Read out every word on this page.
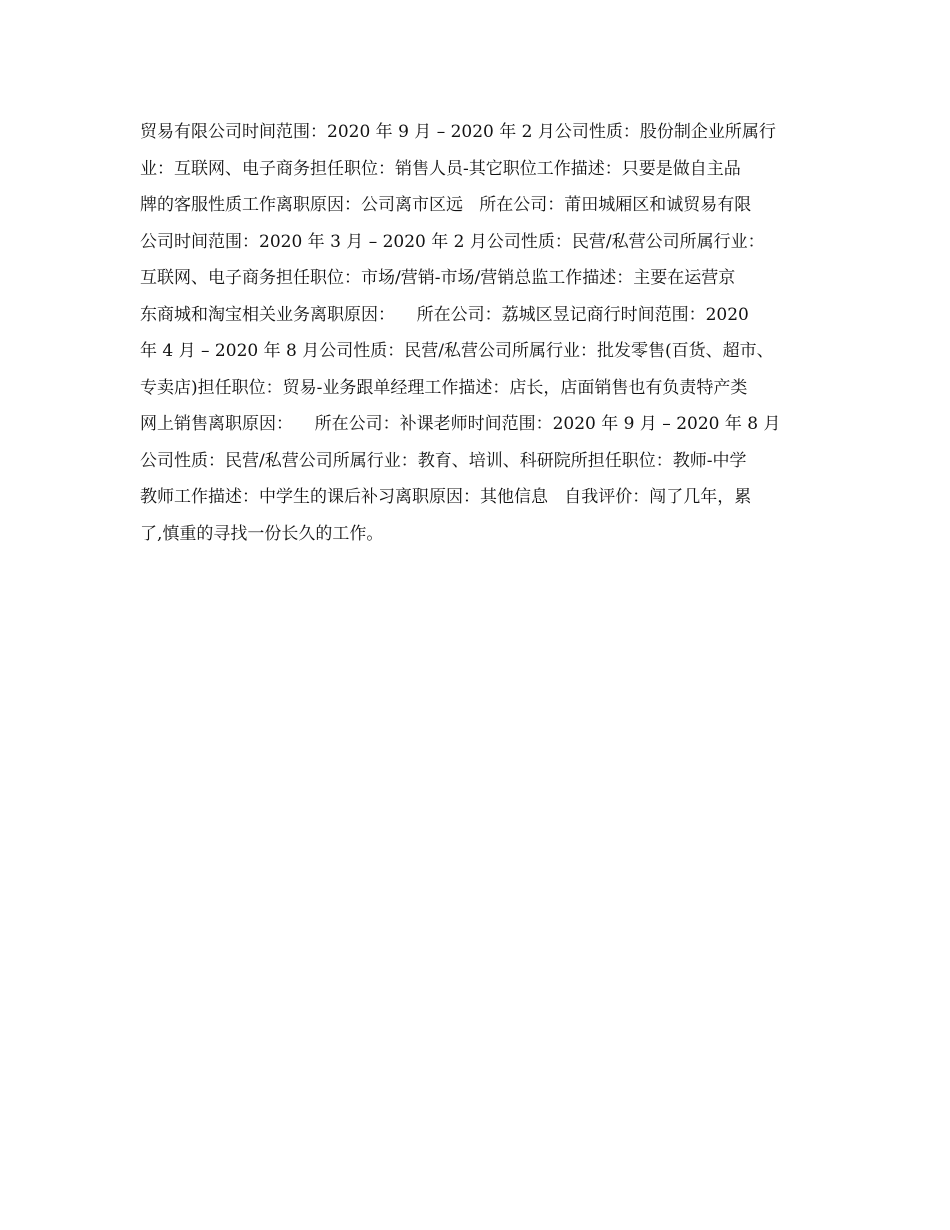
贸易有限公司时间范围：2020 年 9 月 – 2020 年 2 月公司性质：股份制企业所属行
业：互联网、电子商务担任职位：销售人员-其它职位工作描述：只要是做自主品
牌的客服性质工作离职原因：公司离市区远   所在公司：莆田城厢区和诚贸易有限
公司时间范围：2020 年 3 月 – 2020 年 2 月公司性质：民营/私营公司所属行业：
互联网、电子商务担任职位：市场/营销-市场/营销总监工作描述：主要在运营京
东商城和淘宝相关业务离职原因：    所在公司：荔城区昱记商行时间范围：2020
年 4 月 – 2020 年 8 月公司性质：民营/私营公司所属行业：批发零售(百货、超市、
专卖店)担任职位：贸易-业务跟单经理工作描述：店长，店面销售也有负责特产类
网上销售离职原因：    所在公司：补课老师时间范围：2020 年 9 月 – 2020 年 8 月
公司性质：民营/私营公司所属行业：教育、培训、科研院所担任职位：教师-中学
教师工作描述：中学生的课后补习离职原因：其他信息   自我评价：闯了几年，累
了,慎重的寻找一份长久的工作。
